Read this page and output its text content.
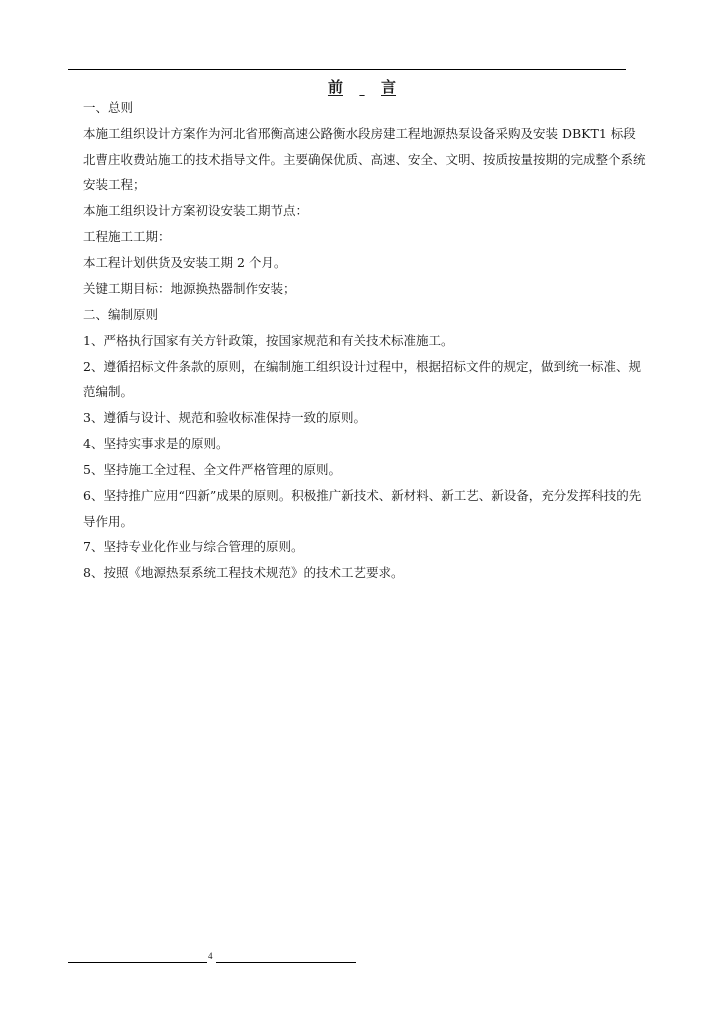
前	言
一、总则
本施工组织设计方案作为河北省邢衡高速公路衡水段房建工程地源热泵设备采购及安装 DBKT1 标段
北曹庄收费站施工的技术指导文件。主要确保优质、高速、安全、文明、按质按量按期的完成整个系统
安装工程；
本施工组织设计方案初设安装工期节点：
工程施工工期：
本工程计划供货及安装工期 2 个月。
关键工期目标：地源换热器制作安装；
二、编制原则
1、严格执行国家有关方针政策，按国家规范和有关技术标准施工。
2、遵循招标文件条款的原则，在编制施工组织设计过程中，根据招标文件的规定，做到统一标准、规
范编制。
3、遵循与设计、规范和验收标准保持一致的原则。
4、坚持实事求是的原则。
5、坚持施工全过程、全文件严格管理的原则。
6、坚持推广应用“四新”成果的原则。积极推广新技术、新材料、新工艺、新设备，充分发挥科技的先
导作用。
7、坚持专业化作业与综合管理的原则。
8、按照《地源热泵系统工程技术规范》的技术工艺要求。
4
